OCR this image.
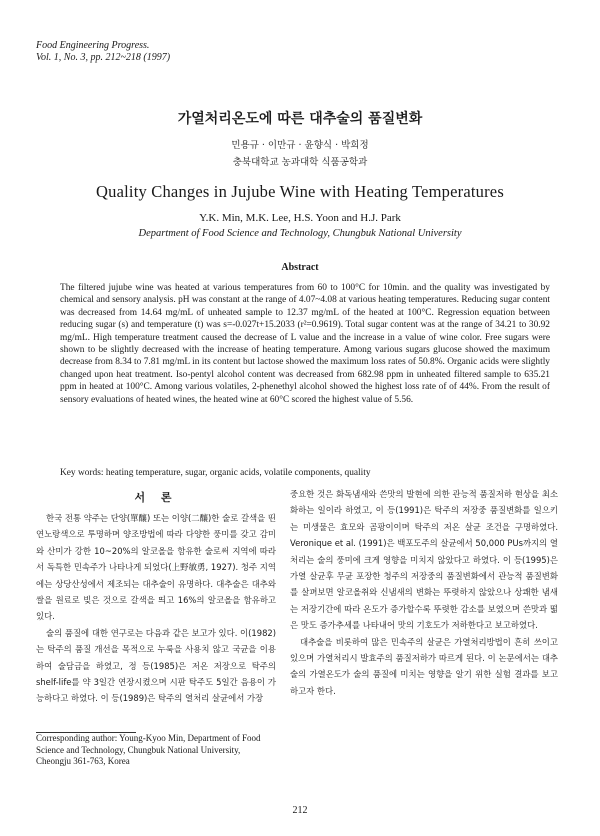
Food Engineering Progress.
Vol. 1, No. 3, pp. 212~218 (1997)
가열처리온도에 따른 대추술의 품질변화
민용규 · 이만규 · 윤향식 · 박희정
충북대학교 농과대학 식품공학과
Quality Changes in Jujube Wine with Heating Temperatures
Y.K. Min, M.K. Lee, H.S. Yoon and H.J. Park
Department of Food Science and Technology, Chungbuk National University
Abstract

The filtered jujube wine was heated at various temperatures from 60 to 100°C for 10min. and the quality was investigated by chemical and sensory analysis. pH was constant at the range of 4.07~4.08 at various heating temperatures. Reducing sugar content was decreased from 14.64 mg/mL of unheated sample to 12.37 mg/mL of the heated at 100°C. Regression equation between reducing sugar (s) and temperature (t) was s=-0.027t+15.2033 (r²=0.9619). Total sugar content was at the range of 34.21 to 30.92 mg/mL. High temperature treatment caused the decrease of L value and the increase in a value of wine color. Free sugars were shown to be slightly decreased with the increase of heating temperature. Among various sugars glucose showed the maximum decrease from 8.34 to 7.81 mg/mL in its content but lactose showed the maximum loss rates of 50.8%. Organic acids were slightly changed upon heat treatment. Iso-pentyl alcohol content was decreased from 682.98 ppm in unheated filtered sample to 635.21 ppm in heated at 100°C. Among various volatiles, 2-phenethyl alcohol showed the highest loss rate of of 44%. From the result of sensory evaluations of heated wines, the heated wine at 60°C scored the highest value of 5.56.

Key words: heating temperature, sugar, organic acids, volatile components, quality

서 론

한국 전통 약주는 단양(單釀) 또는 이양(二釀)한 술로 갈색을 띤 연노랑색으로 투명하며 양조방법에 따라 다양한 풍미를 갖고 감미와 산미가 강한 10~20%의 알코올을 함유한 술로써 지역에 따라서 독특한 민속주가 나타나게 되었다(上野敏勇, 1927). 청주 지역에는 상당산성에서 제조되는 대추술이 유명하다. 대추술은 대추와 쌀을 원료로 빚은 것으로 갈색을 띄고 16%의 알코올을 함유하고 있다.

술의 품질에 대한 연구로는 다음과 같은 보고가 있다. 이(1982)는 탁주의 품질 개선을 목적으로 누룩을 사용치 않고 국균을 이용하여 술담금을 하였고, 정 등(1985)은 저온 저장으로 탁주의 shelf-life를 약 3일간 연장시켰으며 시판 탁주도 5일간 음용이 가능하다고 하였다. 이 등(1989)은 탁주의 열처리 살균에서 가장

중요한 것은 화독냄새와 쓴맛의 발현에 의한 관능적 품질저하 현상을 최소화하는 일이라 하였고, 이 등(1991)은 탁주의 저장중 품질변화를 일으키는 미생물은 효모와 곰팡이이며 탁주의 저온 살균 조건을 구명하였다. Veronique et al. (1991)은 백포도주의 살균에서 50,000 PUs까지의 열처리는 술의 풍미에 크게 영향을 미치지 않았다고 하였다. 이 등(1995)은 가열 살균후 무균 포장한 청주의 저장중의 품질변화에서 관능적 품질변화를 살펴보면 알코올취와 신냄새의 변화는 뚜렷하지 않았으나 상쾌한 냄새는 저장기간에 따라 온도가 증가할수록 뚜렷한 감소를 보였으며 쓴맛과 떫은 맛도 증가추세를 나타내어 맛의 기호도가 저하한다고 보고하였다.

대추술을 비롯하여 많은 민속주의 살균은 가열처리방법이 흔히 쓰이고 있으며 가열처리시 발효주의 품질저하가 따르게 된다. 이 논문에서는 대추술의 가열온도가 술의 품질에 미치는 영향을 알기 위한 실험 결과를 보고하고자 한다.

Corresponding author: Young-Kyoo Min, Department of Food Science and Technology, Chungbuk National University, Cheongju 361-763, Korea

212
